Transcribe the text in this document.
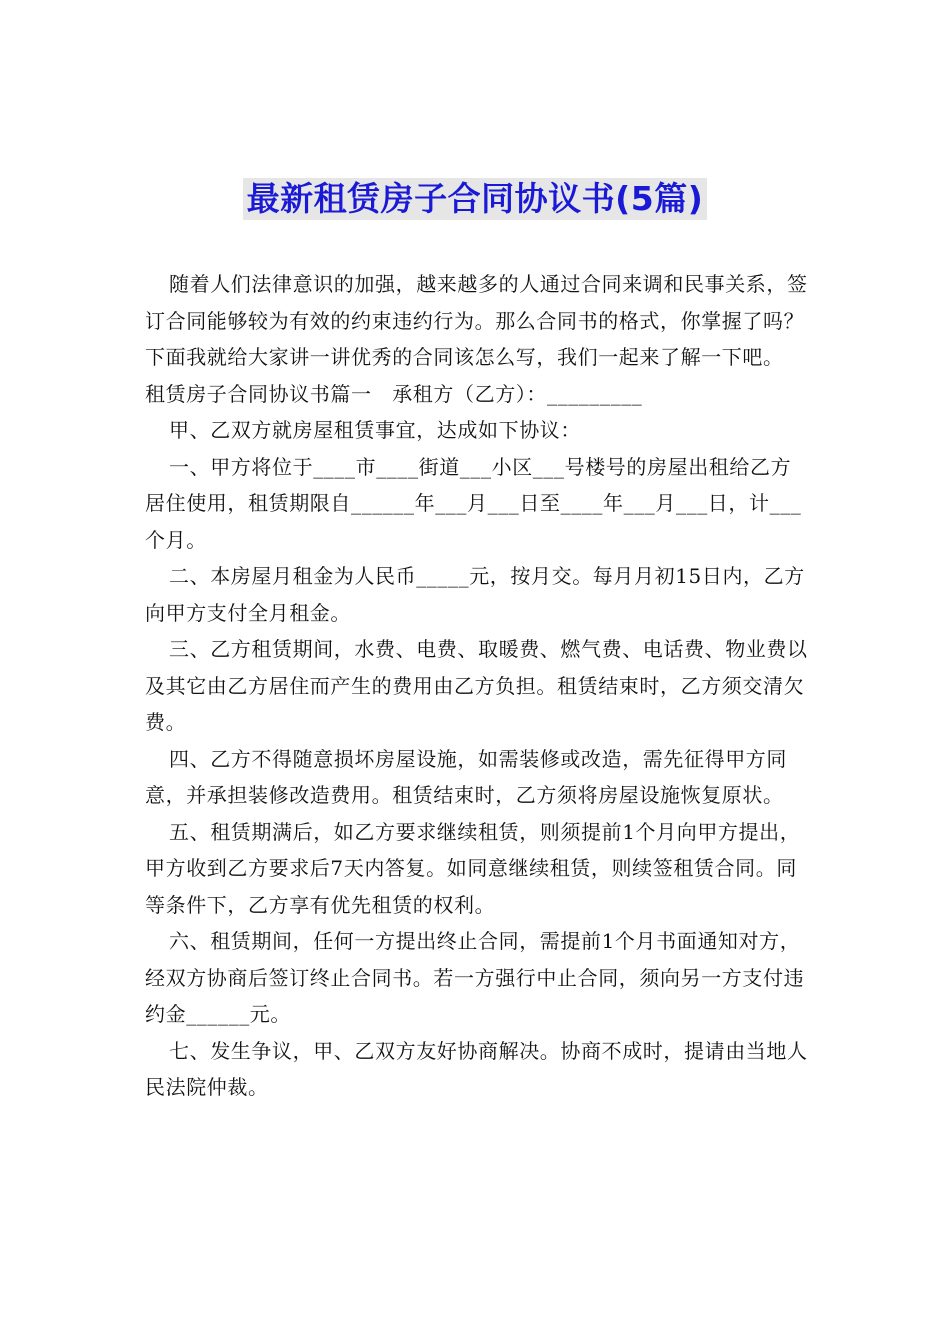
最新租赁房子合同协议书(5篇)

随着人们法律意识的加强，越来越多的人通过合同来调和民事关系，签订合同能够较为有效的约束违约行为。那么合同书的格式，你掌握了吗？下面我就给大家讲一讲优秀的合同该怎么写，我们一起来了解一下吧。

租赁房子合同协议书篇一　承租方（乙方）：_________

甲、乙双方就房屋租赁事宜，达成如下协议：

一、甲方将位于____市____街道___小区___号楼号的房屋出租给乙方居住使用，租赁期限自______年___月___日至____年___月___日，计___个月。

二、本房屋月租金为人民币_____元，按月交。每月月初15日内，乙方向甲方支付全月租金。

三、乙方租赁期间，水费、电费、取暖费、燃气费、电话费、物业费以及其它由乙方居住而产生的费用由乙方负担。租赁结束时，乙方须交清欠费。

四、乙方不得随意损坏房屋设施，如需装修或改造，需先征得甲方同意，并承担装修改造费用。租赁结束时，乙方须将房屋设施恢复原状。

五、租赁期满后，如乙方要求继续租赁，则须提前1个月向甲方提出，甲方收到乙方要求后7天内答复。如同意继续租赁，则续签租赁合同。同等条件下，乙方享有优先租赁的权利。

六、租赁期间，任何一方提出终止合同，需提前1个月书面通知对方，经双方协商后签订终止合同书。若一方强行中止合同，须向另一方支付违约金______元。

七、发生争议，甲、乙双方友好协商解决。协商不成时，提请由当地人民法院仲裁。
